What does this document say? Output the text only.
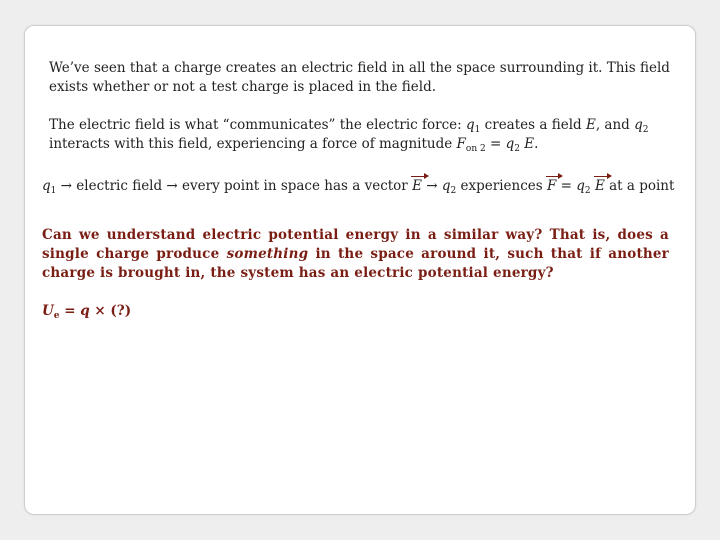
We’ve seen that a charge creates an electric field in all the space surrounding it. This field exists whether or not a test charge is placed in the field.

The electric field is what “communicates” the electric force: $q_1$ creates a field E, and $q_2$ interacts with this field, experiencing a force of magnitude $F_{on 2} = q_2$ E.

$q_1$ → electric field → every point in space has a vector $E \to q_2$ experiences $F = q_2$ E at a point

Can we understand electric potential energy in a similar way? That is, does a single charge produce something in the space around it, such that if another charge is brought in, the system has an electric potential energy?

$U_e = q$ × (?)
